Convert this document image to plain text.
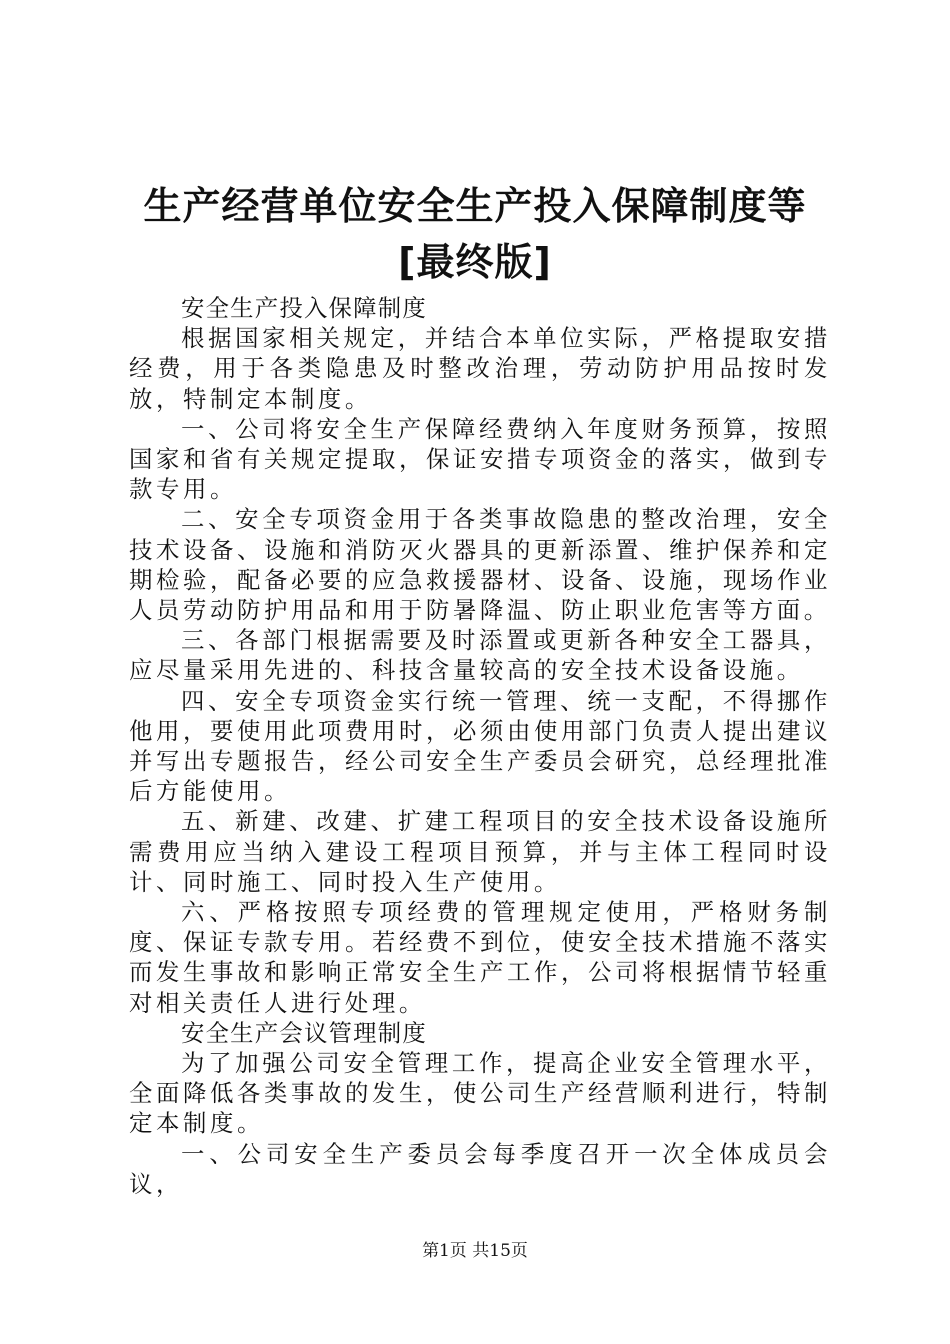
生产经营单位安全生产投入保障制度等[最终版]

安全生产投入保障制度

根据国家相关规定，并结合本单位实际，严格提取安措经费，用于各类隐患及时整改治理，劳动防护用品按时发放，特制定本制度。

一、公司将安全生产保障经费纳入年度财务预算，按照国家和省有关规定提取，保证安措专项资金的落实，做到专款专用。

二、安全专项资金用于各类事故隐患的整改治理，安全技术设备、设施和消防灭火器具的更新添置、维护保养和定期检验，配备必要的应急救援器材、设备、设施，现场作业人员劳动防护用品和用于防暑降温、防止职业危害等方面。

三、各部门根据需要及时添置或更新各种安全工器具，应尽量采用先进的、科技含量较高的安全技术设备设施。

四、安全专项资金实行统一管理、统一支配，不得挪作他用，要使用此项费用时，必须由使用部门负责人提出建议并写出专题报告，经公司安全生产委员会研究，总经理批准后方能使用。

五、新建、改建、扩建工程项目的安全技术设备设施所需费用应当纳入建设工程项目预算，并与主体工程同时设计、同时施工、同时投入生产使用。

六、严格按照专项经费的管理规定使用，严格财务制度、保证专款专用。若经费不到位，使安全技术措施不落实而发生事故和影响正常安全生产工作，公司将根据情节轻重对相关责任人进行处理。

安全生产会议管理制度

为了加强公司安全管理工作，提高企业安全管理水平，全面降低各类事故的发生，使公司生产经营顺利进行，特制定本制度。

一、公司安全生产委员会每季度召开一次全体成员会议，

第1页 共15页
